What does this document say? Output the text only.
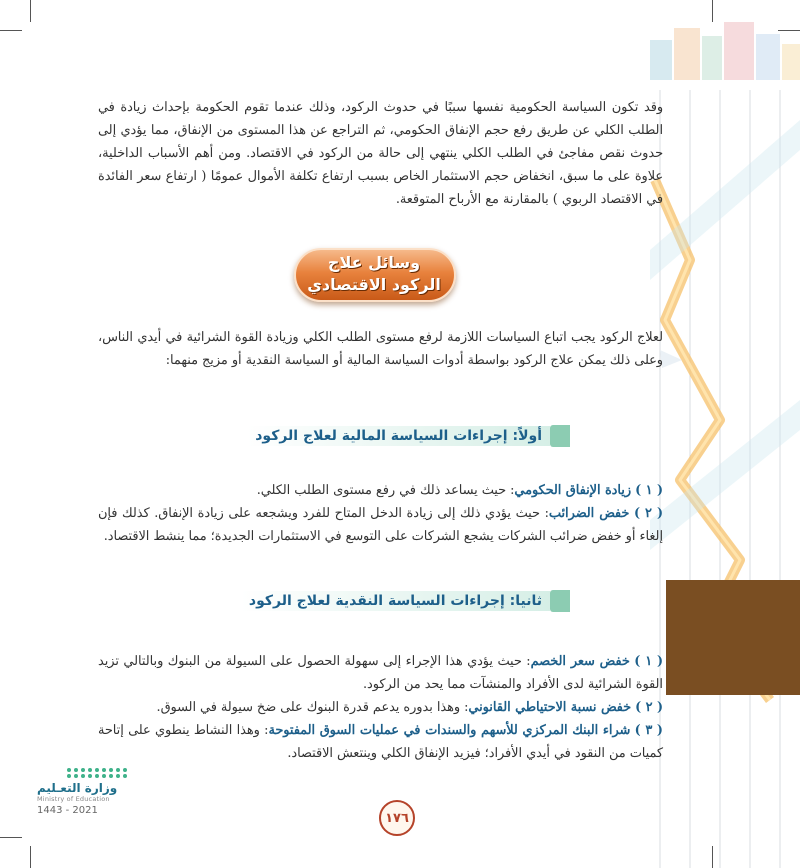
وقد تكون السياسة الحكومية نفسها سببًا في حدوث الركود، وذلك عندما تقوم الحكومة بإحداث زيادة في الطلب الكلي عن طريق رفع حجم الإنفاق الحكومي، ثم التراجع عن هذا المستوى من الإنفاق، مما يؤدي إلى حدوث نقص مفاجئ في الطلب الكلي ينتهي إلى حالة من الركود في الاقتصاد. ومن أهم الأسباب الداخلية، علاوة على ما سبق، انخفاض حجم الاستثمار الخاص بسبب ارتفاع تكلفة الأموال عمومًا ( ارتفاع سعر الفائدة في الاقتصاد الربوي ) بالمقارنة مع الأرباح المتوقعة.

وسائل علاج
الركود الاقتصادي

لعلاج الركود يجب اتباع السياسات اللازمة لرفع مستوى الطلب الكلي وزيادة القوة الشرائية في أيدي الناس، وعلى ذلك يمكن علاج الركود بواسطة أدوات السياسة المالية أو السياسة النقدية أو مزيج منهما:

أولاً: إجراءات السياسة المالية لعلاج الركود

( ١ ) زيادة الإنفاق الحكومي: حيث يساعد ذلك في رفع مستوى الطلب الكلي.

( ٢ ) خفض الضرائب: حيث يؤدي ذلك إلى زيادة الدخل المتاح للفرد ويشجعه على زيادة الإنفاق. كذلك فإن إلغاء أو خفض ضرائب الشركات يشجع الشركات على التوسع في الاستثمارات الجديدة؛ مما ينشط الاقتصاد.

ثانيا: إجراءات السياسة النقدية لعلاج الركود

( ١ ) خفض سعر الخصم: حيث يؤدي هذا الإجراء إلى سهولة الحصول على السيولة من البنوك وبالتالي تزيد القوة الشرائية لدى الأفراد والمنشآت مما يحد من الركود.

( ٢ ) خفض نسبة الاحتياطي القانوني: وهذا بدوره يدعم قدرة البنوك على ضخ سيولة في السوق.

( ٣ ) شراء البنك المركزي للأسهم والسندات في عمليات السوق المفتوحة: وهذا النشاط ينطوي على إتاحة كميات من النقود في أيدي الأفراد؛ فيزيد الإنفاق الكلي وينتعش الاقتصاد.

وزارة التعـليم
Ministry of Education
2021 - 1443	١٧٦
